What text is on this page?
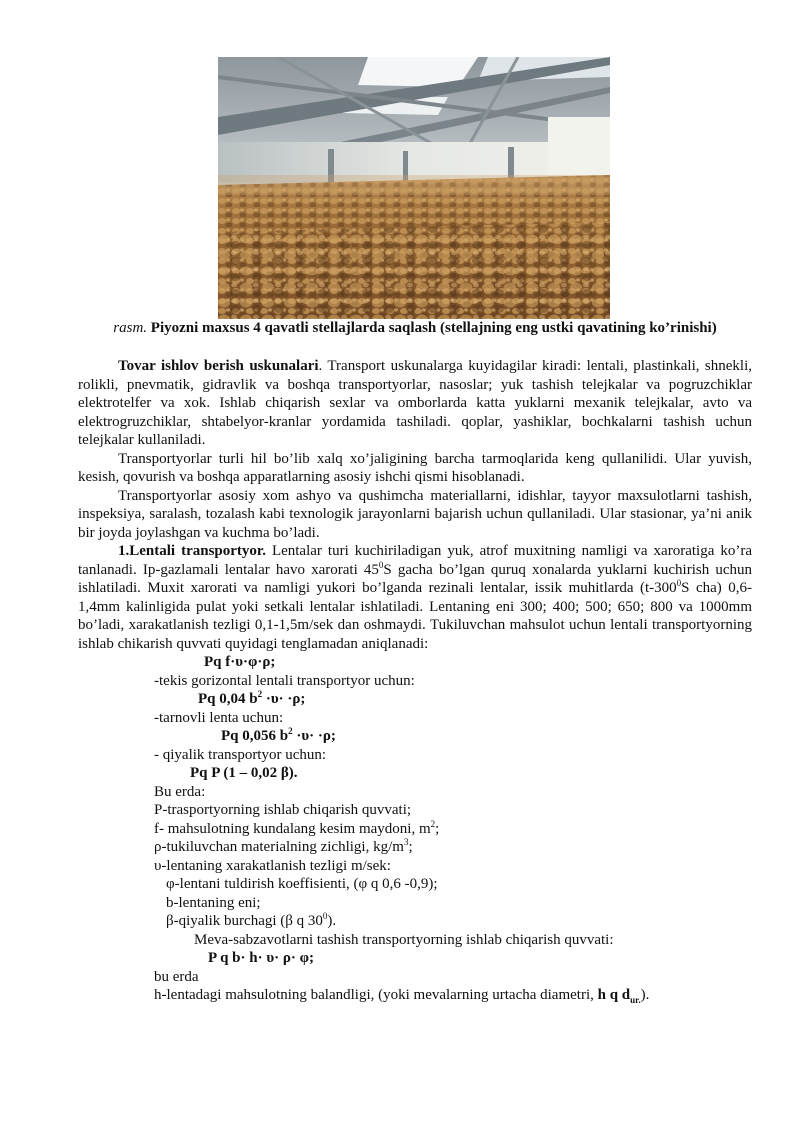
rasm. Piyozni maxsus 4 qavatli stellajlarda saqlash (stellajning eng ustki qavatining ko’rinishi)

Tovar ishlov berish uskunalari. Transport uskunalarga kuyidagilar kiradi: lentali, plastinkali, shnekli, rolikli, pnevmatik, gidravlik va boshqa transportyorlar, nasoslar; yuk tashish telejkalar va pogruzchiklar elektrotelfer va xok. Ishlab chiqarish sexlar va omborlarda katta yuklarni mexanik telejkalar, avto va elektrogruzchiklar, shtabelyor-kranlar yordamida tashiladi. qoplar, yashiklar, bochkalarni tashish uchun telejkalar kullaniladi.

Transportyorlar turli hil bo’lib xalq xo’jaligining barcha tarmoqlarida keng qullanilidi. Ular yuvish, kesish, qovurish va boshqa apparatlarning asosiy ishchi qismi hisoblanadi.

Transportyorlar asosiy xom ashyo va qushimcha materiallarni, idishlar, tayyor maxsulotlarni tashish, inspeksiya, saralash, tozalash kabi texnologik jarayonlarni bajarish uchun qullaniladi. Ular stasionar, ya’ni anik bir joyda joylashgan va kuchma bo’ladi.

1.Lentali transportyor. Lentalar turi kuchiriladigan yuk, atrof muxitning namligi va xaroratiga ko’ra tanlanadi. Ip-gazlamali lentalar havo xarorati $45^0S$ gacha bo’lgan quruq xonalarda yuklarni kuchirish uchun ishlatiladi. Muxit xarorati va namligi yukori bo’lganda rezinali lentalar, issik muhitlarda ($t-300^0S$ cha) 0,6-1,4mm kalinligida pulat yoki setkali lentalar ishlatiladi. Lentaning eni 300; 400; 500; 650; 800 va 1000mm bo’ladi, xarakatlanish tezligi 0,1-1,5m/sek dan oshmaydi. Tukiluvchan mahsulot uchun lentali transportyorning ishlab chikarish quvvati quyidagi tenglamadan aniqlanadi:

Pq f·υ·φ·ρ;

-tekis gorizontal lentali transportyor uchun:

Pq 0,04 $b^2 \cdot\upsilon\cdot \cdot\rho$;

-tarnovli lenta uchun:

Pq 0,056 $b^2 \cdot\upsilon\cdot \cdot\rho$;

- qiyalik transportyor uchun:

Pq P (1 – 0,02 β).

Bu erda:

P-trasportyorning ishlab chiqarish quvvati;

f- mahsulotning kundalang kesim maydoni, $m^2$;

ρ-tukiluvchan materialning zichligi, $kg/m^3$;

υ-lentaning xarakatlanish tezligi m/sek:

φ-lentani tuldirish koeffisienti, (φ q 0,6 -0,9);

b-lentaning eni;

β-qiyalik burchagi (β q $30^0$).

Meva-sabzavotlarni tashish transportyorning ishlab chiqarish quvvati:

P q b· h· υ· ρ· φ;

bu erda

h-lentadagi mahsulotning balandligi, (yoki mevalarning urtacha diametri, h q $d_{ur.}$).
